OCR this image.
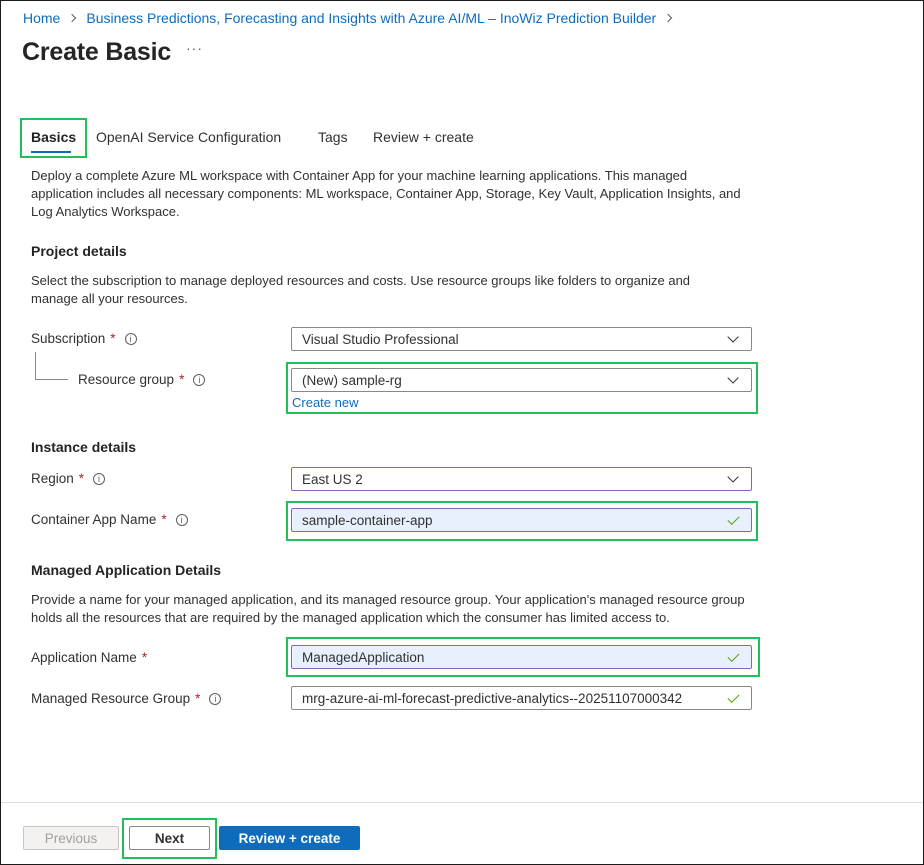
Home Business Predictions, Forecasting and Insights with Azure AI/ML – InoWiz Prediction Builder
Create Basic ···
Basics OpenAI Service Configuration	Tags Review + create
Deploy a complete Azure ML workspace with Container App for your machine learning applications. This managed application includes all necessary components: ML workspace, Container App, Storage, Key Vault, Application Insights, and Log Analytics Workspace.
Project details
Select the subscription to manage deployed resources and costs. Use resource groups like folders to organize and manage all your resources.
Subscription *	i	Visual Studio Professional
Resource group *	i	(New) sample-rg
Create new
Instance details
Region *	i	East US 2
Container App Name *	i	sample-container-app
Managed Application Details
Provide a name for your managed application, and its managed resource group. Your application's managed resource group holds all the resources that are required by the managed application which the consumer has limited access to.
Application Name *	ManagedApplication
Managed Resource Group *	i	mrg-azure-ai-ml-forecast-predictive-analytics--20251107000342
Previous	Next	Review + create
